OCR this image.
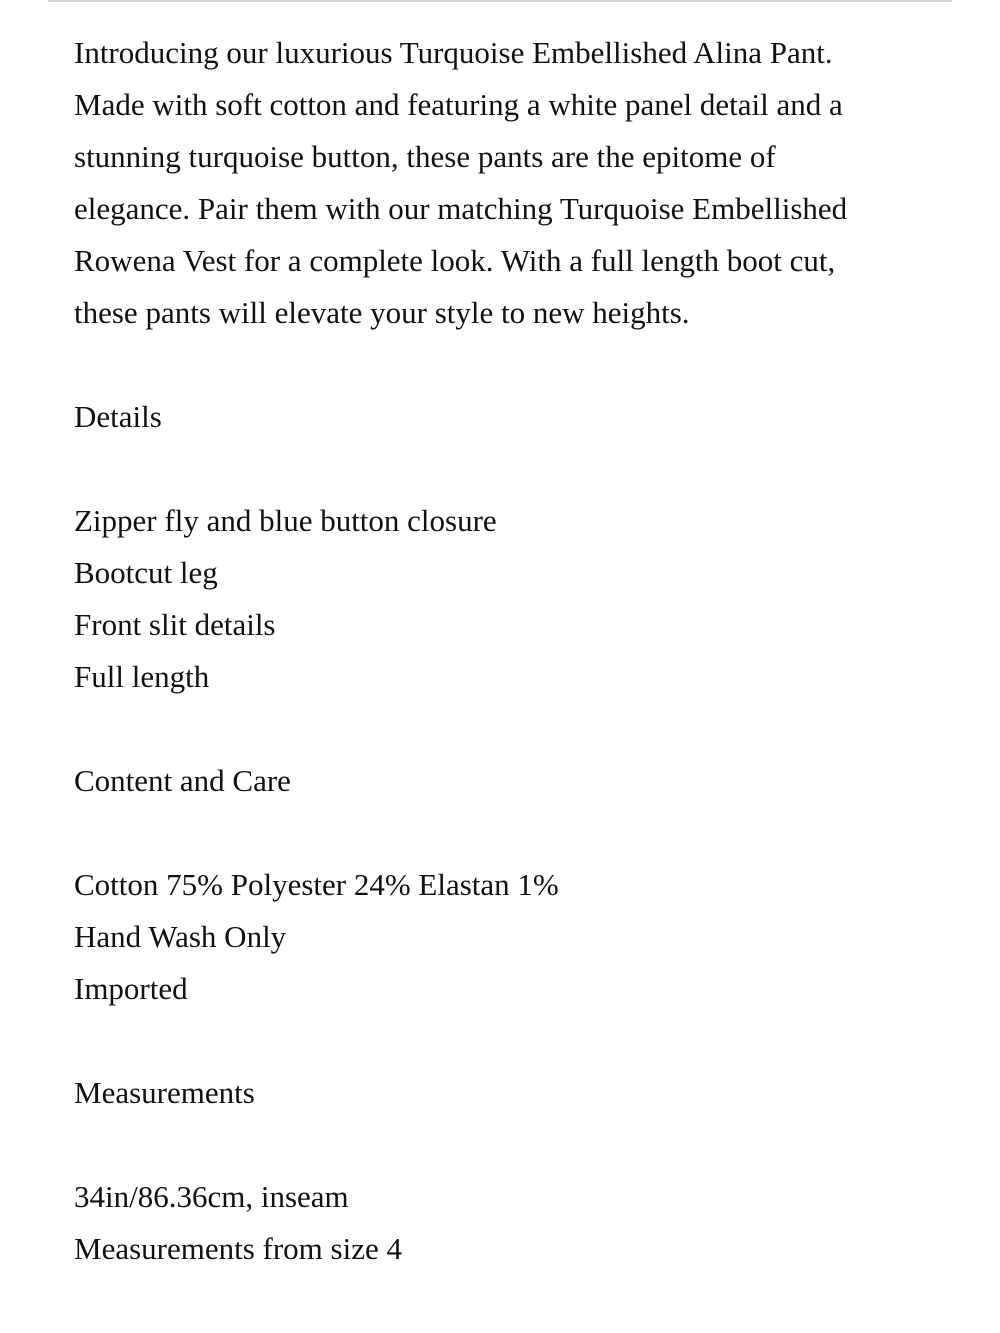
Introducing our luxurious Turquoise Embellished Alina Pant.
Made with soft cotton and featuring a white panel detail and a
stunning turquoise button, these pants are the epitome of
elegance. Pair them with our matching Turquoise Embellished
Rowena Vest for a complete look. With a full length boot cut,
these pants will elevate your style to new heights.

Details

Zipper fly and blue button closure
Bootcut leg
Front slit details
Full length

Content and Care

Cotton 75% Polyester 24% Elastan 1%
Hand Wash Only
Imported

Measurements

34in/86.36cm, inseam
Measurements from size 4
